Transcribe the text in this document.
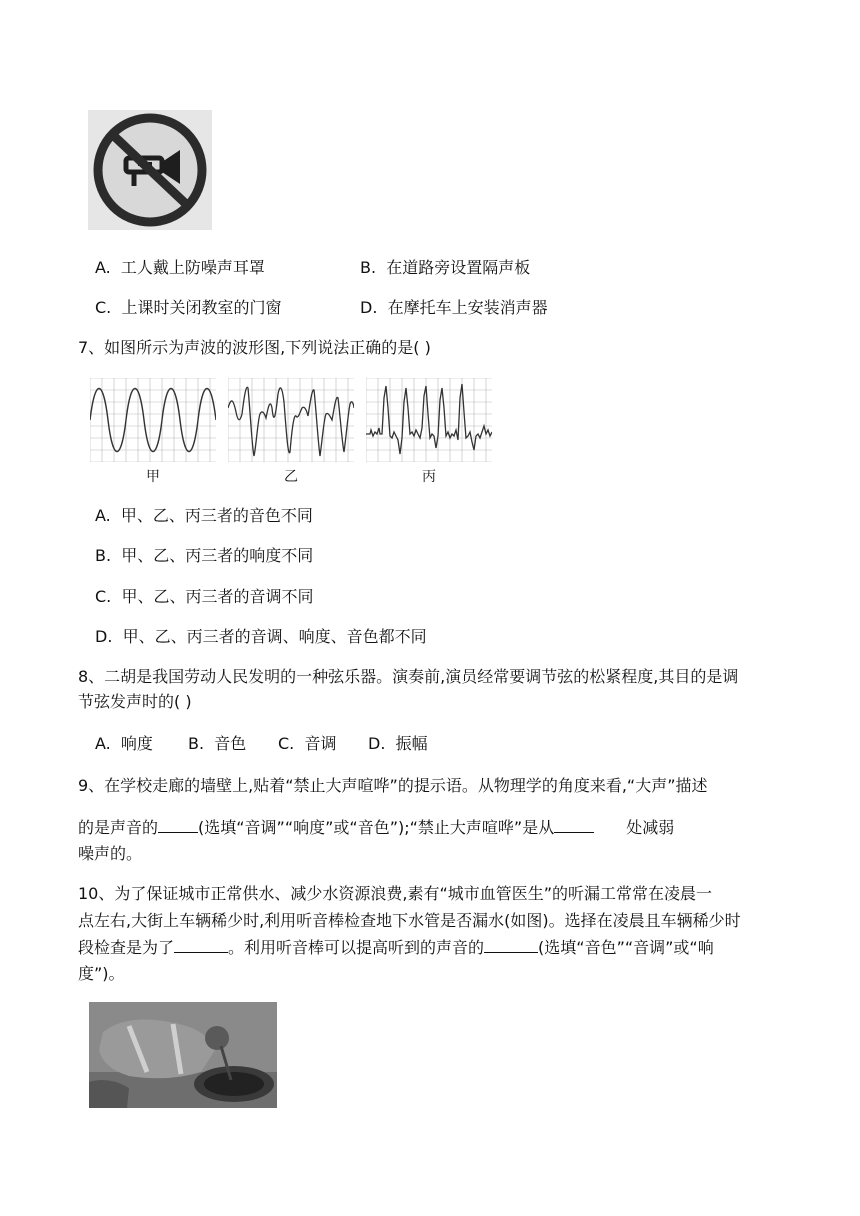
A. 工人戴上防噪声耳罩	B. 在道路旁设置隔声板
C. 上课时关闭教室的门窗	D. 在摩托车上安装消声器
7、如图所示为声波的波形图,下列说法正确的是( )
甲	乙	丙
A. 甲、乙、丙三者的音色不同
B. 甲、乙、丙三者的响度不同
C. 甲、乙、丙三者的音调不同
D. 甲、乙、丙三者的音调、响度、音色都不同
8、二胡是我国劳动人民发明的一种弦乐器。演奏前,演员经常要调节弦的松紧程度,其目的是调
节弦发声时的( )
A. 响度 B. 音色 C. 音调 D. 振幅
9、在学校走廊的墙壁上,贴着“禁止大声喧哗”的提示语。从物理学的角度来看,“大声”描述
的是声音的	(选填“音调”“响度”或“音色”);“禁止大声喧哗”是从	处减弱
噪声的。
10、为了保证城市正常供水、减少水资源浪费,素有“城市血管医生”的听漏工常常在凌晨一
点左右,大街上车辆稀少时,利用听音棒检查地下水管是否漏水(如图)。选择在凌晨且车辆稀少时
段检查是为了	。利用听音棒可以提高听到的声音的	(选填“音色”“音调”或“响
度”)。
